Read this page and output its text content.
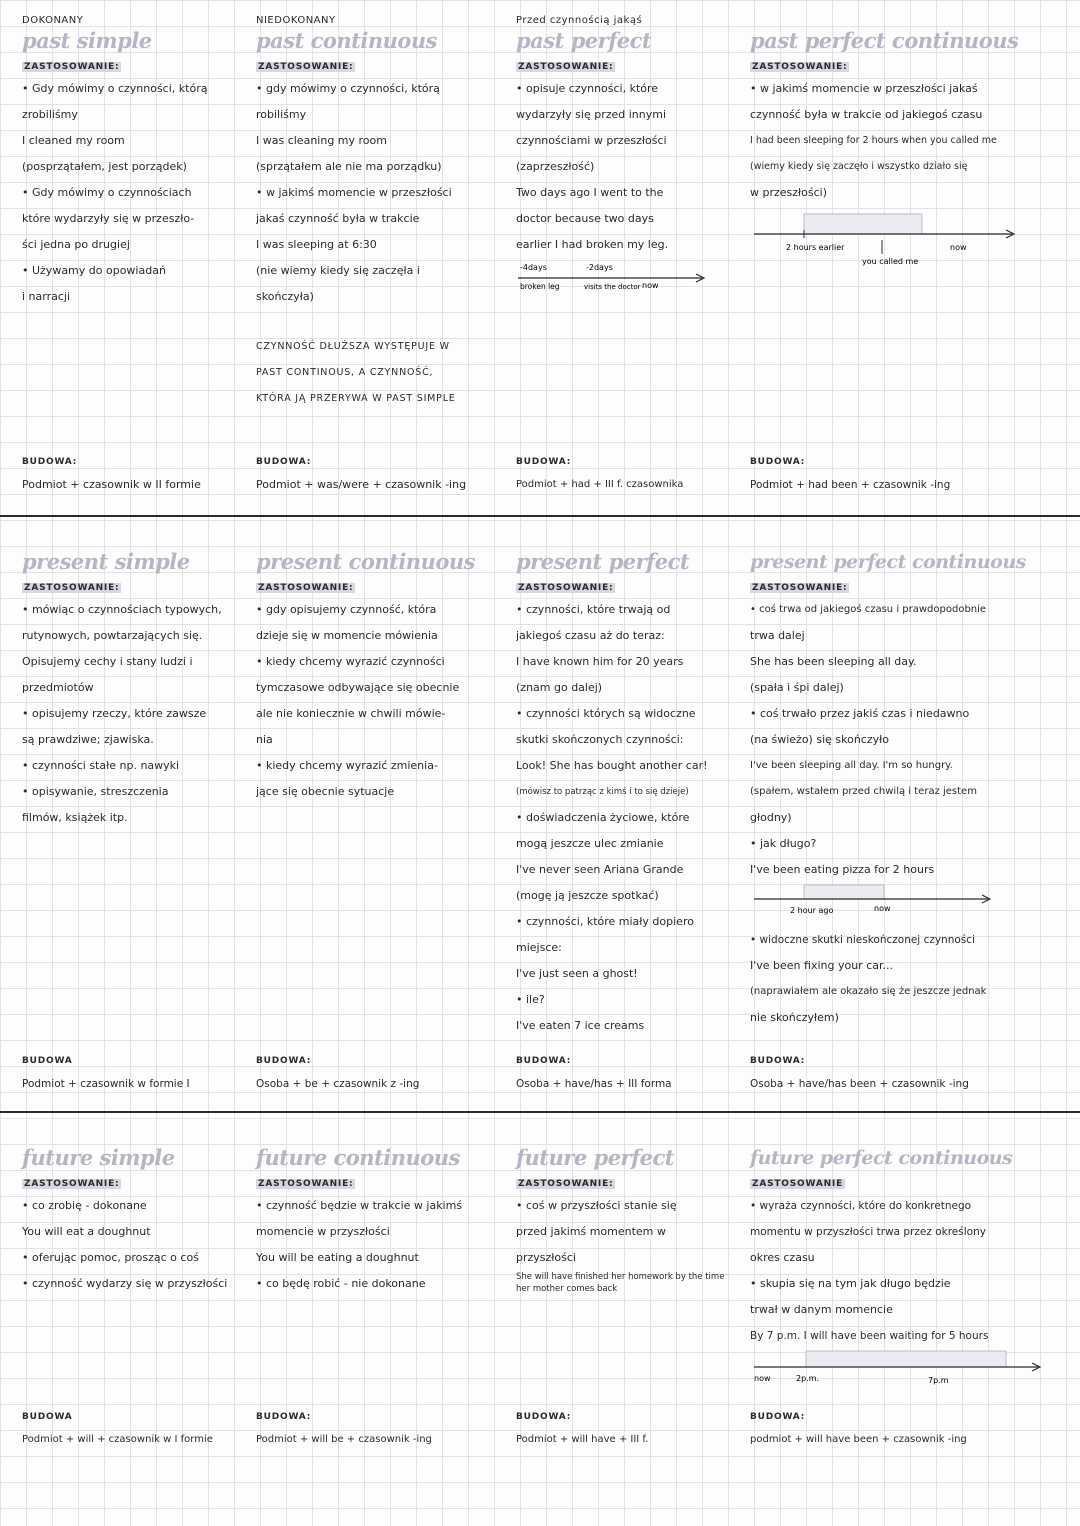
DOKONANY
past simple
ZASTOSOWANIE:
• Gdy mówimy o czynności, którą
zrobiliśmy
I cleaned my room
(posprzątałem, jest porządek)
• Gdy mówimy o czynnościach
które wydarzyły się w przeszło-
ści jedna po drugiej
• Używamy do opowiadań
i narracji
BUDOWA:
Podmiot + czasownik w II formie
NIEDOKONANY
past continuous
ZASTOSOWANIE:
• gdy mówimy o czynności, którą
robiliśmy
I was cleaning my room
(sprzątałem ale nie ma porządku)
• w jakimś momencie w przeszłości
jakaś czynność była w trakcie
I was sleeping at 6:30
(nie wiemy kiedy się zaczęła i
skończyła)
CZYNNOŚĆ DŁUŻSZA WYSTĘPUJE W
PAST CONTINOUS, A CZYNNOŚĆ,
KTÓRA JĄ PRZERYWA W PAST SIMPLE
BUDOWA:
Podmiot + was/were + czasownik -ing
Przed czynnością jakąś
past perfect
ZASTOSOWANIE:
• opisuje czynności, które
wydarzyły się przed innymi
czynnościami w przeszłości
(zaprzeszłość)
Two days ago I went to the
doctor because two days
earlier I had broken my leg.
-4days	-2days
now
broken leg	visits the doctor
BUDOWA:
Podmiot + had + III f. czasownika
past perfect continuous
ZASTOSOWANIE:
• w jakimś momencie w przeszłości jakaś
czynność była w trakcie od jakiegoś czasu
I had been sleeping for 2 hours when you called me
(wiemy kiedy się zaczęło i wszystko działo się
w przeszłości)
2 hours earlier
you called me
now
BUDOWA:
Podmiot + had been + czasownik -ing
present simple
ZASTOSOWANIE:
• mówiąc o czynnościach typowych,
rutynowych, powtarzających się.
Opisujemy cechy i stany ludzi i
przedmiotów
• opisujemy rzeczy, które zawsze
są prawdziwe; zjawiska.
• czynności stałe np. nawyki
• opisywanie, streszczenia
filmów, książek itp.
BUDOWA
Podmiot + czasownik w formie I
present continuous
ZASTOSOWANIE:
• gdy opisujemy czynność, która
dzieje się w momencie mówienia
• kiedy chcemy wyrazić czynności
tymczasowe odbywające się obecnie
ale nie koniecznie w chwili mówie-
nia
• kiedy chcemy wyrazić zmienia-
jące się obecnie sytuacje
BUDOWA:
Osoba + be + czasownik z -ing
present perfect
ZASTOSOWANIE:
• czynności, które trwają od
jakiegoś czasu aż do teraz:
I have known him for 20 years
(znam go dalej)
• czynności których są widoczne
skutki skończonych czynności:
Look! She has bought another car!
(mówisz to patrząc z kimś i to się dzieje)
• doświadczenia życiowe, które
mogą jeszcze ulec zmianie
I've never seen Ariana Grande
(mogę ją jeszcze spotkać)
• czynności, które miały dopiero
miejsce:
I've just seen a ghost!
• ile?
I've eaten 7 ice creams
BUDOWA:
Osoba + have/has + III forma
present perfect continuous
ZASTOSOWANIE:
• coś trwa od jakiegoś czasu i prawdopodobnie
trwa dalej
She has been sleeping all day.
(spała i śpi dalej)
• coś trwało przez jakiś czas i niedawno
(na świeżo) się skończyło
I've been sleeping all day. I'm so hungry.
(spałem, wstałem przed chwilą i teraz jestem
głodny)
• jak długo?
I've been eating pizza for 2 hours
2 hour ago	now
• widoczne skutki nieskończonej czynności
I've been fixing your car...
(naprawiałem ale okazało się że jeszcze jednak
nie skończyłem)
BUDOWA:
Osoba + have/has been + czasownik -ing
future simple
ZASTOSOWANIE:
• co zrobię - dokonane
You will eat a doughnut
• oferując pomoc, prosząc o coś
• czynność wydarzy się w przyszłości
BUDOWA
Podmiot + will + czasownik w I formie
future continuous
ZASTOSOWANIE:
• czynność będzie w trakcie w jakimś
momencie w przyszłości
You will be eating a doughnut
• co będę robić - nie dokonane
BUDOWA:
Podmiot + will be + czasownik -ing
future perfect
ZASTOSOWANIE:
• coś w przyszłości stanie się
przed jakimś momentem w
przyszłości
She will have finished her homework by the time her mother comes back
BUDOWA:
Podmiot + will have + III f.
future perfect continuous
ZASTOSOWANIE
• wyraża czynności, które do konkretnego
momentu w przyszłości trwa przez określony
okres czasu
• skupia się na tym jak długo będzie
trwał w danym momencie
By 7 p.m. I will have been waiting for 5 hours
now	2p.m.	7p.m
BUDOWA:
podmiot + will have been + czasownik -ing
